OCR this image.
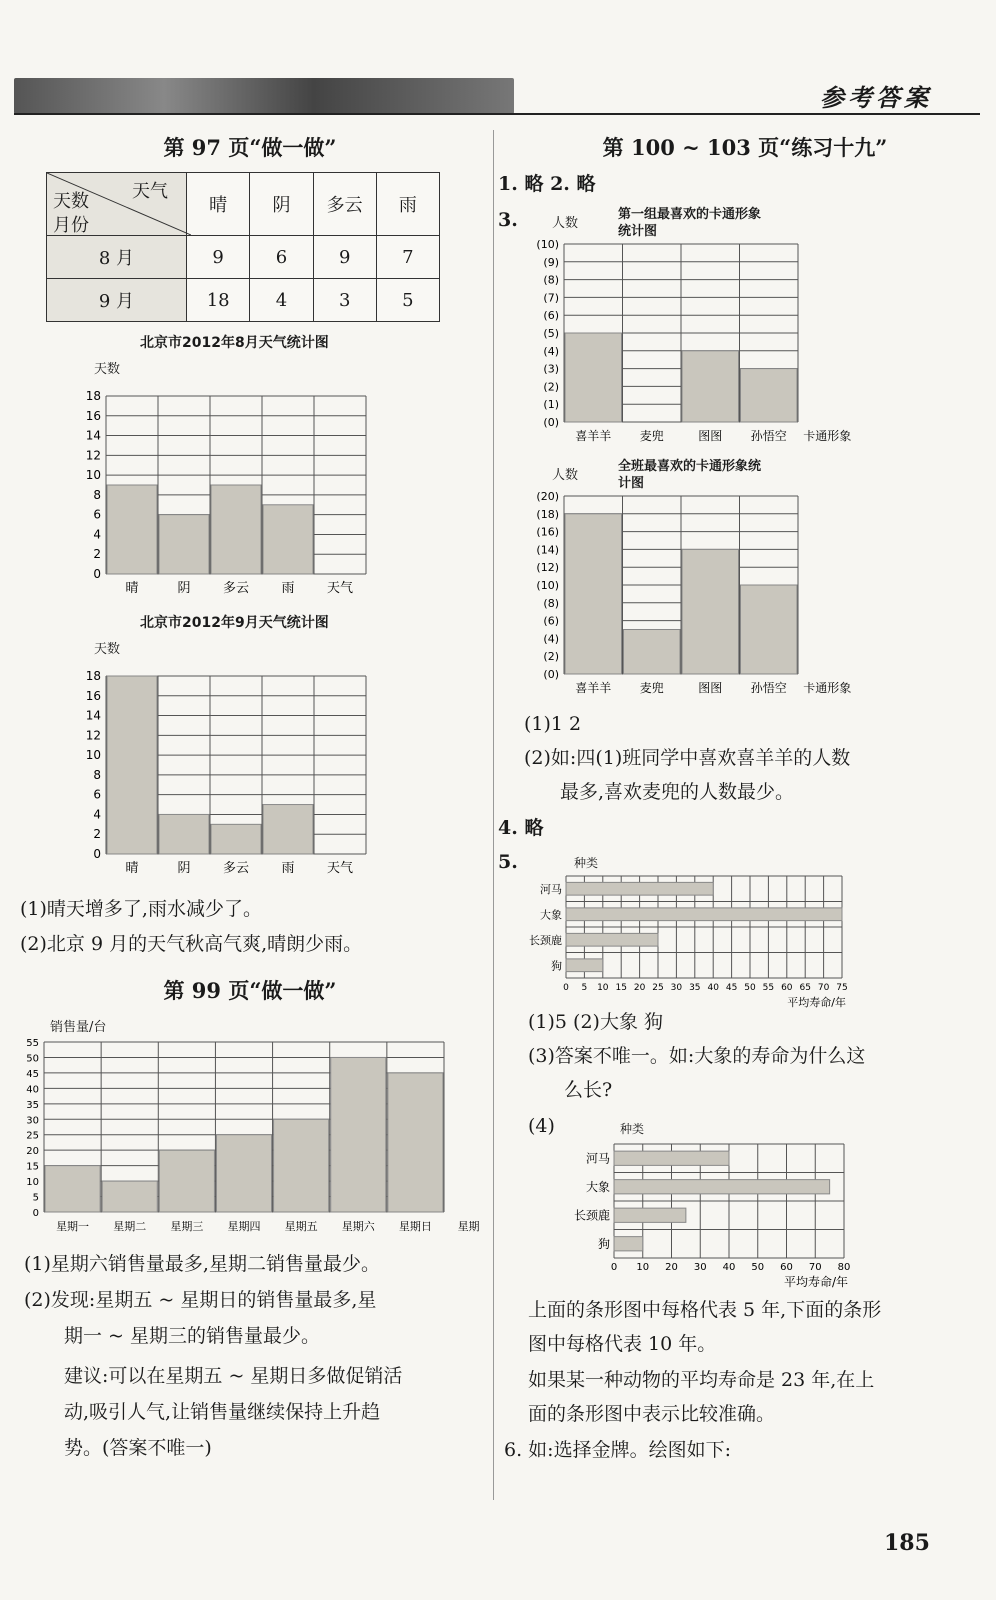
参考答案
第 97 页“做一做”
天气
天数
月份	晴	阴	多云	雨
8 月	9	6	9	7
9 月	18	4	3	5
北京市2012年8月天气统计图
天数
0
2
4
6
8
10
12
14
16
18
晴	阴 多云 雨 天气
北京市2012年9月天气统计图
天数
0
2
4
6
8
10
12
14
16
18
晴	阴 多云 雨 天气
(1)晴天增多了,雨水减少了。
(2)北京 9 月的天气秋高气爽,晴朗少雨。
第 99 页“做一做”
销售量/台
0
5
10
15
20
25
30
35
40
45
50
55
星期一 星期二 星期三 星期四 星期五 星期六 星期日 星期
(1)星期六销售量最多,星期二销售量最少。
(2)发现:星期五 ~ 星期日的销售量最多,星
期一 ~ 星期三的销售量最少。
建议:可以在星期五 ~ 星期日多做促销活
动,吸引人气,让销售量继续保持上升趋
势。(答案不唯一)
第 100 ~ 103 页“练习十九”
1. 略 2. 略
3.	人数
第一组最喜欢的卡通形象统计图
(0)
(1)
(2)
(3)
(4)
(5)
(6)
(7)
(8)
(9)
(10)
喜羊羊 麦兜	图图 孙悟空 卡通形象
人数
全班最喜欢的卡通形象统计图
(0)
(2)
(4)
(6)
(8)
(10)
(12)
(14)
(16)
(18)
(20)
喜羊羊 麦兜	图图 孙悟空 卡通形象
(1)1 2
(2)如:四(1)班同学中喜欢喜羊羊的人数
最多,喜欢麦兜的人数最少。
4. 略
5.	种类
0 5 10 15 20 25 30 35 40 45 50 55 60 65 70 75
河马
大象
长颈鹿
狗
平均寿命/年
(1)5 (2)大象 狗
(3)答案不唯一。如:大象的寿命为什么这
么长?
(4)	种类
0 10 20 30 40 50 60 70 80
河马
大象
长颈鹿
狗
平均寿命/年
上面的条形图中每格代表 5 年,下面的条形
图中每格代表 10 年。
如果某一种动物的平均寿命是 23 年,在上
面的条形图中表示比较准确。
6. 如:选择金牌。绘图如下:
185
